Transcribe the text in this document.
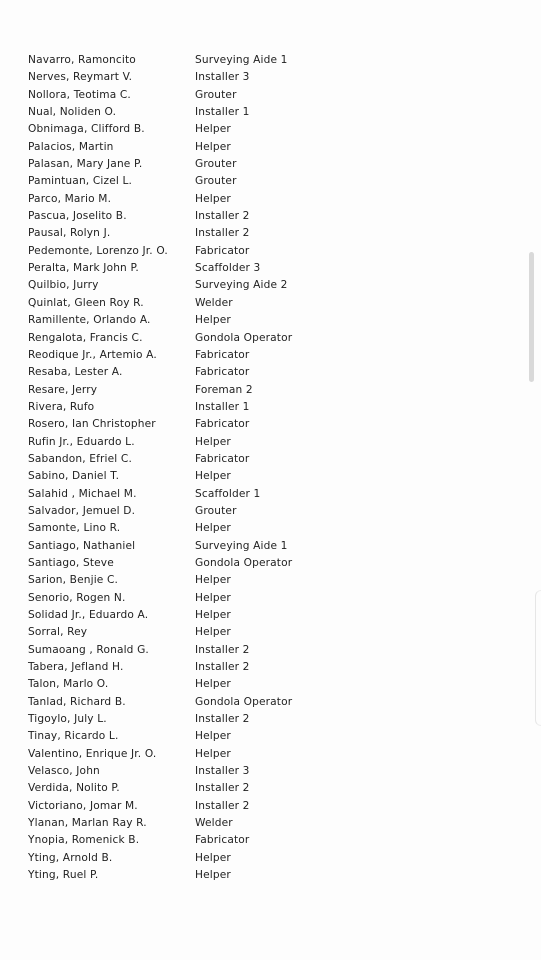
Navarro, Ramoncito	Surveying Aide 1
Nerves, Reymart V.	Installer 3
Nollora, Teotima C.	Grouter
Nual, Noliden O.	Installer 1
Obnimaga, Clifford B.	Helper
Palacios, Martin	Helper
Palasan, Mary Jane P.	Grouter
Pamintuan, Cizel L.	Grouter
Parco, Mario M.	Helper
Pascua, Joselito B.	Installer 2
Pausal, Rolyn J.	Installer 2
Pedemonte, Lorenzo Jr. O.	Fabricator
Peralta, Mark John P.	Scaffolder 3
Quilbio, Jurry	Surveying Aide 2
Quinlat, Gleen Roy R.	Welder
Ramillente, Orlando A.	Helper
Rengalota, Francis C.	Gondola Operator
Reodique Jr., Artemio A.	Fabricator
Resaba, Lester A.	Fabricator
Resare, Jerry	Foreman 2
Rivera, Rufo	Installer 1
Rosero, Ian Christopher	Fabricator
Rufin Jr., Eduardo L.	Helper
Sabandon, Efriel C.	Fabricator
Sabino, Daniel T.	Helper
Salahid , Michael M.	Scaffolder 1
Salvador, Jemuel D.	Grouter
Samonte, Lino R.	Helper
Santiago, Nathaniel	Surveying Aide 1
Santiago, Steve	Gondola Operator
Sarion, Benjie C.	Helper
Senorio, Rogen N.	Helper
Solidad Jr., Eduardo A.	Helper
Sorral, Rey	Helper
Sumaoang , Ronald G.	Installer 2
Tabera, Jefland H.	Installer 2
Talon, Marlo O.	Helper
Tanlad, Richard B.	Gondola Operator
Tigoylo, July L.	Installer 2
Tinay, Ricardo L.	Helper
Valentino, Enrique Jr. O.	Helper
Velasco, John	Installer 3
Verdida, Nolito P.	Installer 2
Victoriano, Jomar M.	Installer 2
Ylanan, Marlan Ray R.	Welder
Ynopia, Romenick B.	Fabricator
Yting, Arnold B.	Helper
Yting, Ruel P.	Helper
